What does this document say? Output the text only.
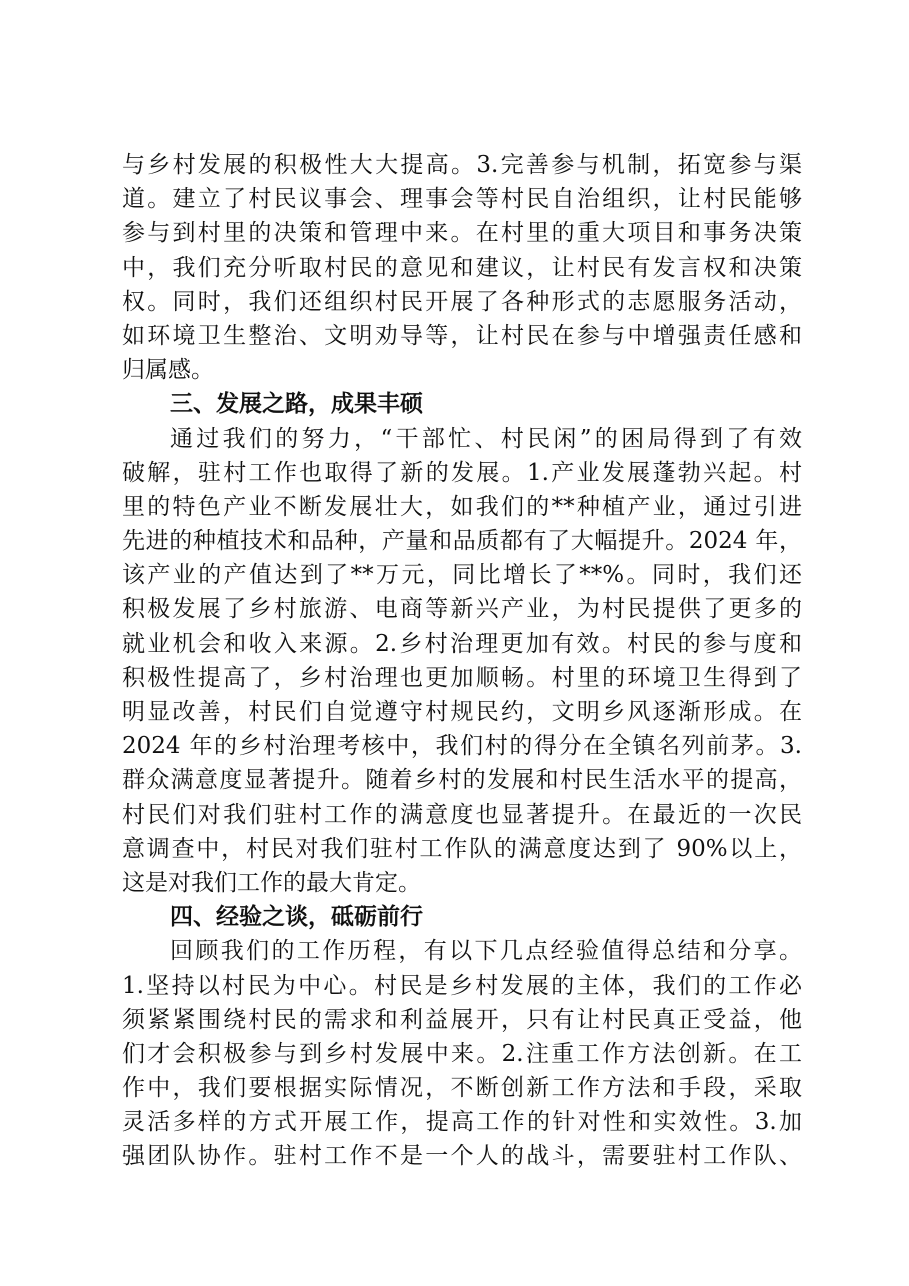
与乡村发展的积极性大大提高。3.完善参与机制，拓宽参与渠
道。建立了村民议事会、理事会等村民自治组织，让村民能够
参与到村里的决策和管理中来。在村里的重大项目和事务决策
中，我们充分听取村民的意见和建议，让村民有发言权和决策
权。同时，我们还组织村民开展了各种形式的志愿服务活动，
如环境卫生整治、文明劝导等，让村民在参与中增强责任感和
归属感。
三、发展之路，成果丰硕
通过我们的努力，“干部忙、村民闲”的困局得到了有效
破解，驻村工作也取得了新的发展。1.产业发展蓬勃兴起。村
里的特色产业不断发展壮大，如我们的**种植产业，通过引进
先进的种植技术和品种，产量和品质都有了大幅提升。2024 年，
该产业的产值达到了**万元，同比增长了**%。同时，我们还
积极发展了乡村旅游、电商等新兴产业，为村民提供了更多的
就业机会和收入来源。2.乡村治理更加有效。村民的参与度和
积极性提高了，乡村治理也更加顺畅。村里的环境卫生得到了
明显改善，村民们自觉遵守村规民约，文明乡风逐渐形成。在
2024 年的乡村治理考核中，我们村的得分在全镇名列前茅。3.
群众满意度显著提升。随着乡村的发展和村民生活水平的提高，
村民们对我们驻村工作的满意度也显著提升。在最近的一次民
意调查中，村民对我们驻村工作队的满意度达到了 90%以上，
这是对我们工作的最大肯定。
四、经验之谈，砥砺前行
回顾我们的工作历程，有以下几点经验值得总结和分享。
1.坚持以村民为中心。村民是乡村发展的主体，我们的工作必
须紧紧围绕村民的需求和利益展开，只有让村民真正受益，他
们才会积极参与到乡村发展中来。2.注重工作方法创新。在工
作中，我们要根据实际情况，不断创新工作方法和手段，采取
灵活多样的方式开展工作，提高工作的针对性和实效性。3.加
强团队协作。驻村工作不是一个人的战斗，需要驻村工作队、
